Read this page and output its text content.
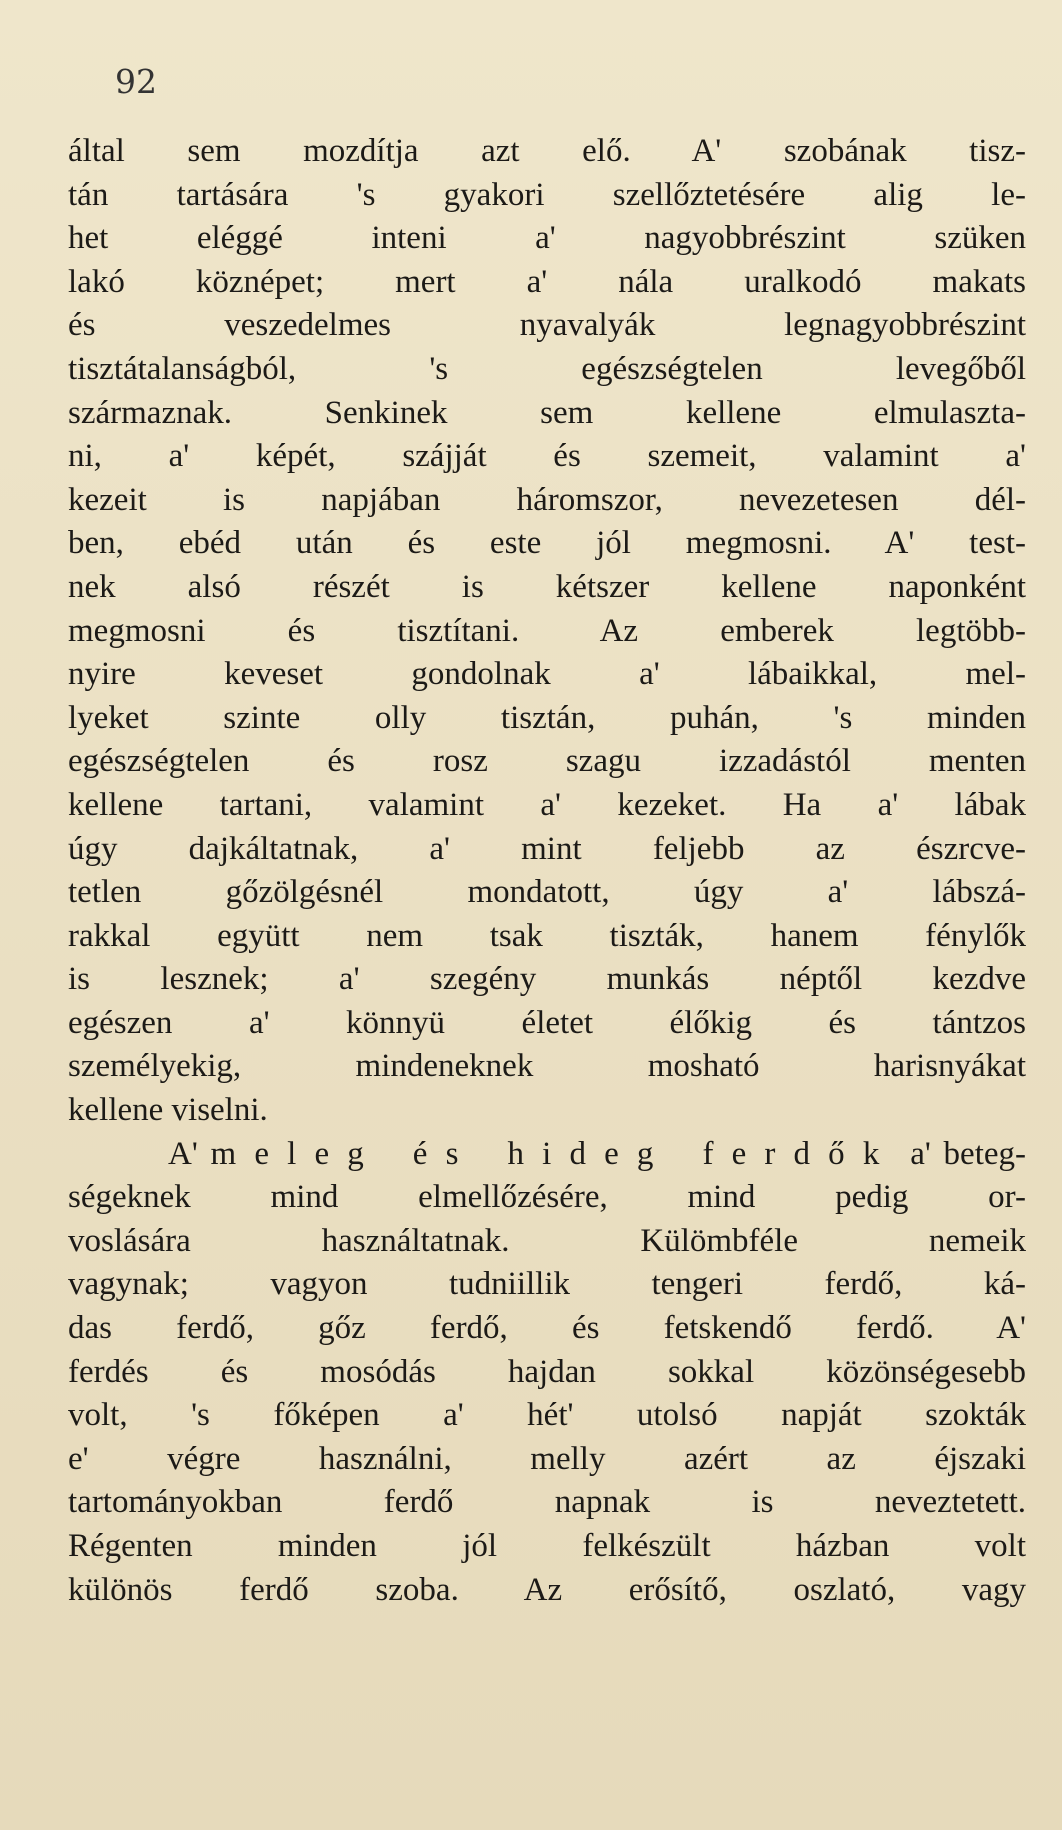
92
által sem mozdítja azt elő. A' szobának tisz-
tán tartására 's gyakori szellőztetésére alig le-
het eléggé inteni a' nagyobbrészint szüken
lakó köznépet; mert a' nála uralkodó makats
és veszedelmes nyavalyák legnagyobbrészint
tisztátalanságból, 's egészségtelen levegőből
származnak. Senkinek sem kellene elmulaszta-
ni, a' képét, szájját és szemeit, valamint a'
kezeit is napjában háromszor, nevezetesen dél-
ben, ebéd után és este jól megmosni. A' test-
nek alsó részét is kétszer kellene naponként
megmosni és tisztítani. Az emberek legtöbb-
nyire keveset gondolnak a' lábaikkal, mel-
lyeket szinte olly tisztán, puhán, 's minden
egészségtelen és rosz szagu izzadástól menten
kellene tartani, valamint a' kezeket. Ha a' lábak
úgy dajkáltatnak, a' mint feljebb az észrcve-
tetlen gőzölgésnél mondatott, úgy a' lábszá-
rakkal együtt nem tsak tiszták, hanem fénylők
is lesznek; a' szegény munkás néptől kezdve
egészen a' könnyü életet élőkig és tántzos
személyekig, mindeneknek mosható harisnyákat
kellene viselni.
A' meleg és hideg ferdők a' beteg-
ségeknek mind elmellőzésére, mind pedig or-
voslására használtatnak. Külömbféle nemeik
vagynak; vagyon tudniillik tengeri ferdő, ká-
das ferdő, gőz ferdő, és fetskendő ferdő. A'
ferdés és mosódás hajdan sokkal közönségesebb
volt, 's főképen a' hét' utolsó napját szokták
e' végre használni, melly azért az éjszaki
tartományokban ferdő napnak is neveztetett.
Régenten minden jól felkészült házban volt
különös ferdő szoba. Az erősítő, oszlató, vagy
